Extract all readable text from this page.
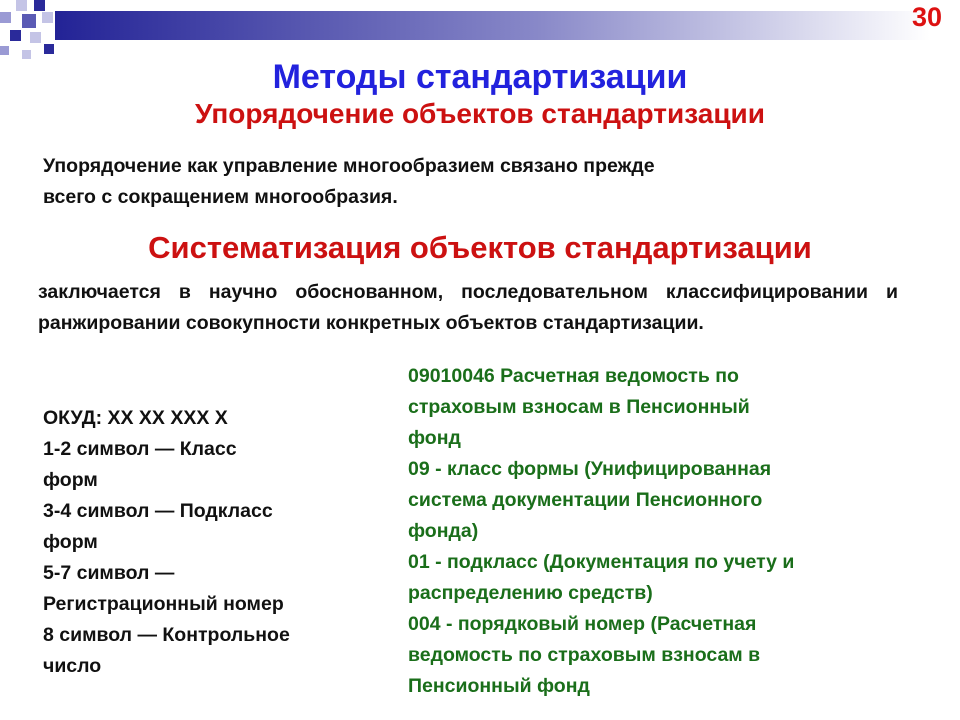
30
Методы стандартизации
Упорядочение объектов стандартизации

Упорядочение как управление многообразием связано прежде
всего с сокращением многообразия.

Систематизация объектов стандартизации

заключается в научно обоснованном, последовательном классифицировании и ранжировании совокупности конкретных объектов стандартизации.

ОКУД: ХХ ХХ ХХХ Х
1-2 символ — Класс
форм
3-4 символ — Подкласс
форм
5-7 символ —
Регистрационный номер
8 символ — Контрольное
число
09010046 Расчетная ведомость по
страховым взносам в Пенсионный
фонд
09 - класс формы (Унифицированная
система документации Пенсионного
фонда)
01 - подкласс (Документация по учету и
распределению средств)
004 - порядковый номер (Расчетная
ведомость по страховым взносам в
Пенсионный фонд
